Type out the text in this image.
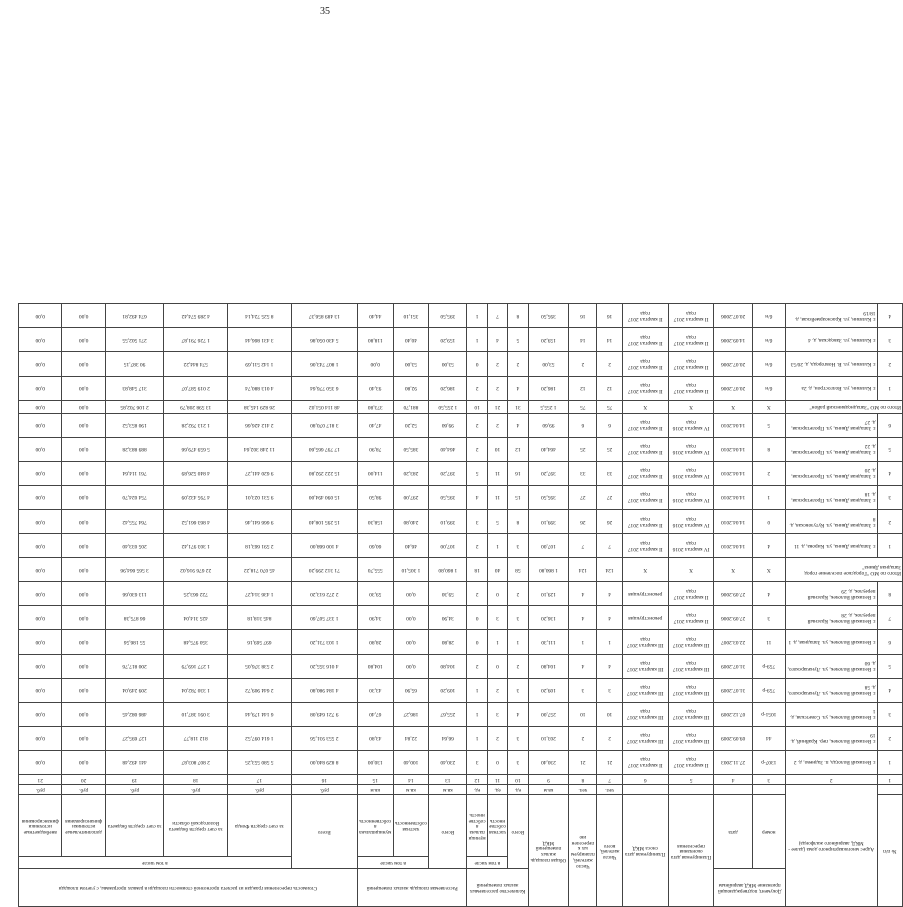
35
№ п/п	Адрес многоквартирного дома (далее - МКД, аварийного жилфонда)	Документ, подтверждающий признание МКД аварийным		Планируемая дата окончания переселения	Планируемая дата сноса МКД	Число жителей, всего	Число жителей, планируемых к переселению	Общая площадь жилых помещений МКД	Количество расселяемых жилых помещений			Расселяемая площадь жилых помещений			Стоимость переселения граждан из расчета прогнозной стоимости площади в рамках программы, с учетом площади					
		номер	дата						Всего	в том числе		Всего	в том числе		Всего	в том числе				
										частная собственность	муниципальная собственность		частная собственность	муниципальная собственность		за счет средств Фонда	за счет средств бюджета Вологодской области	за счет средств бюджета	дополнительные источники финансирования	внебюджетные источники финансирования
						чел.	чел.	кв.м	ед.	ед.	ед.	кв.м	кв.м	кв.м	руб.	руб.	руб.	руб.	руб.	руб.
1	2	3	4	5	6	7	8	9	10	11	12	13	14	15	16	17	18	19	20	21
1	г. Великий Вологда, п. Заднево, д. 2	1307-р	27.11.2003	II квартал 2017 года	II квартал 2017 года	21	21	230,40	3	0	3	230,40	100,40	130,00	8 829 840,00	5 580 553,25	2 807 803,87	441 492,48	0,00	0,00
2	г. Великий Волочек, пер. Крайний, д. 19	44	09.09.2009	III квартал 2017 года	III квартал 2017 года	2	2	203,10	3	2	1	66,64	22,84	43,80	2 553 931,56	1 614 097,52	812 118,77	127 695,27	0,00	0,00
3	г. Великий Волочек, ул. Советская, д. 1	1051-р	07.12.2009	III квартал 2017 года	III квартал 2017 года	10	10	257,00	4	3	1	255,67	186,27	67,40	9 721 649,08	6 144 179,44	3 091 387,10	486 082,45	0,00	0,00
4	г. Великий Волочек, ул. Луначарского, д. 58	759-р	31.07.2009	III квартал 2017 года	III квартал 2017 года	3	3	109,20	3	2	1	109,20	65,90	43,30	4 184 980,80	2 644 909,72	1 330 782,04	209 249,04	0,00	0,00
5	г. Великий Волочек, ул. Луначарского, д. 60	759-р	31.07.2009	III квартал 2017 года	III квартал 2017 года	4	4	104,80	2	0	2	104,80	0,00	104,80	4 016 355,20	2 538 376,05	1 277 169,79	200 817,76	0,00	0,00
6	г. Великий Волочек, ул. Западная, д. 1	11	22.03.2007	III квартал 2017 года	III квартал 2017 года	1	1	111,30	1	1	0	28,80	0,00	28,80	1 103 731,20	697 569,16	350 975,48	55 186,56	0,00	0,00
7	г. Великий Волочек, Красный переулок, д. 28	3	27.09.2006	II квартал 2017 года	реконструкция	4	4	136,20	3	3	0	34,90	0,00	34,90	1 337 507,60	845 318,18	425 314,04	66 875,38	0,00	0,00
8	г. Великий Волочек, Красный переулок, д. 29	4	27.09.2006	II квартал 2017 года	реконструкция	4	4	129,10	2	0	2	59,30	0,00	59,30	2 272 613,20	1 436 314,27	722 663,25	113 630,66	0,00	0,00
Итого по МО "Городское поселение город Западная Двина"		X	X	X	X	124	124	1 860,80	58	40	18	1 860,80	1 305,10	555,70	71 312 299,20	45 070 718,22	22 676 916,02	3 565 664,96	0,00	0,00
1	г. Западная Двина, ул. Кирова, д. 11	4	14.04.2010	IV квартал 2016 года	II квартал 2017 года	7	7	107,00	3	1	2	107,00	46,40	60,60	4 100 668,00	2 591 663,18	1 303 971,42	205 033,40	0,00	0,00
2	г. Западная Двина, ул. Кутузовская, д. 8	0	14.04.2010	IV квартал 2016 года	II квартал 2017 года	26	26	399,10	8	5	3	399,10	240,80	158,30	15 295 108,40	9 666 641,46	4 863 661,52	764 755,42	0,00	0,00
3	г. Западная Двина, ул. Пролетарская, д. 18	1	14.04.2010	IV квартал 2016 года	II квартал 2017 года	27	27	395,50	15	11	4	395,50	297,00	98,50	15 090 494,00	9 531 023,01	4 795 432,09	754 024,70	0,00	0,00
4	г. Западная Двина, ул. Пролетарская, д. 20	2	14.04.2010	IV квартал 2016 года	II квартал 2017 года	33	33	397,20	16	11	5	397,20	283,20	114,00	15 222 292,80	9 620 441,27	4 840 526,89	761 114,64	0,00	0,00
5	г. Западная Двина, ул. Пролетарская, д. 22	8	14.04.2010	IV квартал 2016 года	II квартал 2017 года	25	25	464,40	12	10	2	464,40	385,50	78,90	17 797 665,60	11 248 302,64	5 659 479,66	889 883,28	0,00	0,00
6	г. Западная Двина, ул. Пролетарская, д. 27	5	14.04.2010	IV квартал 2016 года	II квартал 2017 года	6	6	99,60	4	2	2	99,60	52,20	47,40	3 817 070,80	2 412 426,66	1 213 792,28	190 853,52	0,00	0,00
Итого по МО "Западнодвинский район"		X	X	X	X	75	75	1 255,5	31	21	10	1 255,50	881,70	373,80	48 114 051,02	26 829 145,38	13 598 208,79	2 106 702,85	0,00	0,00
1	г. Калязин, ул. Волгострои, д. 2а	б/н	20.07.2006	II квартал 2017 года	II квартал 2017 года	12	12	186,20	4	2	2	186,20	92,80	93,40	6 350 776,64	4 013 880,74	2 019 587,07	317 548,83	0,00	0,00
2	г. Калязин, ул. В. Новгорода, д. 20/53	б/н	20.07.2006	II квартал 2017 года	II квартал 2017 года	2	2	53,00	2	2	0	53,00	53,00	0,00	1 807 743,06	1 142 511,69	574 844,22	90 387,15	0,00	0,00
3	г. Калязин, ул. Заводская, д. 4	б/н	14.09.2006	II квартал 2017 года	II квартал 2017 года	14	14	159,20	5	4	1	159,20	40,40	118,80	5 430 050,86	3 431 866,44	1 726 791,87	271 502,55	0,00	0,00
4	г. Калязин, ул. Красноармейская, д. 18/19	б/н	20.07.2006	II квартал 2017 года	II квартал 2017 года	16	16	395,50	8	7	1	395,50	351,10	44,40	13 489 856,37	8 525 724,14	4 289 574,42	674 492,81	0,00	0,00
